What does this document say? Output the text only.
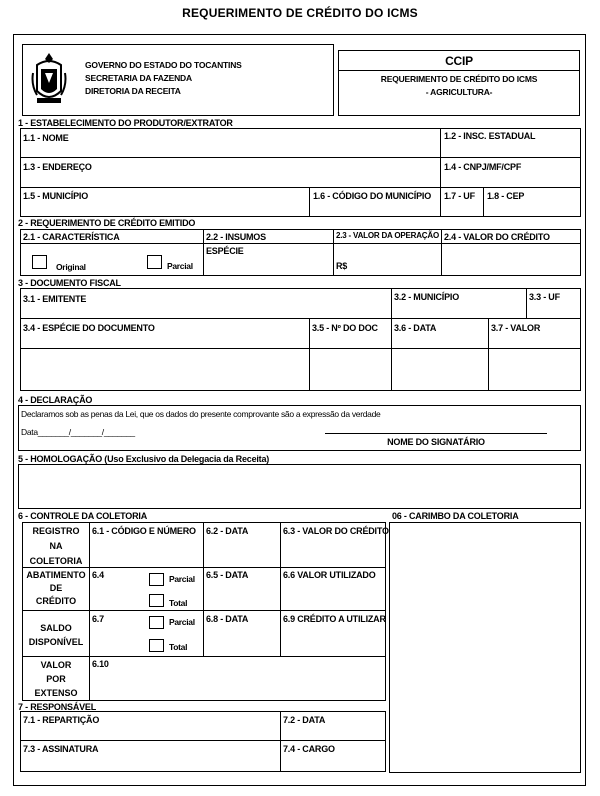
REQUERIMENTO DE CRÉDITO DO ICMS
GOVERNO DO ESTADO DO TOCANTINS
SECRETARIA DA FAZENDA
DIRETORIA DA RECEITA
CCIP
REQUERIMENTO DE CRÉDITO DO ICMS
- AGRICULTURA-
1 - ESTABELECIMENTO DO PRODUTOR/EXTRATOR
1.1 - NOME	1.2 - INSC. ESTADUAL
1.3 - ENDEREÇO	1.4 - CNPJ/MF/CPF
1.5 - MUNICÍPIO	1.6 - CÓDIGO DO MUNICÍPIO 1.7 - UF 1.8 - CEP
2 - REQUERIMENTO DE CRÉDITO EMITIDO
2.1 - CARACTERÍSTICA
Original	Parcial
2.2 - INSUMOS
ESPÉCIE
2.3 - VALOR DA OPERAÇÃO
R$
2.4 - VALOR DO CRÉDITO
3 - DOCUMENTO FISCAL
3.1 - EMITENTE	3.2 - MUNICÍPIO	3.3 - UF
3.4 - ESPÉCIE DO DOCUMENTO	3.5 - Nº DO DOC 3.6 - DATA	3.7 - VALOR
4 - DECLARAÇÃO
Declaramos sob as penas da Lei, que os dados do presente comprovante são a expressão da verdade
Data_______/_______/_______
NOME DO SIGNATÁRIO
5 - HOMOLOGAÇÃO (Uso Exclusivo da Delegacia da Receita)
6 - CONTROLE DA COLETORIA	06 - CARIMBO DA COLETORIA
REGISTRO
NA
COLETORIA
6.1 - CÓDIGO E NÚMERO 6.2 - DATA	6.3 - VALOR DO CRÉDITO
ABATIMENTO
DE
CRÉDITO
6.4	Parcial
Total
6.5 - DATA	6.6 VALOR UTILIZADO
SALDO
DISPONÍVEL
6.7	Parcial
Total
6.8 - DATA	6.9 CRÉDITO A UTILIZAR
VALOR
POR
EXTENSO
6.10
7 - RESPONSÁVEL
7.1 - REPARTIÇÃO	7.2 - DATA
7.3 - ASSINATURA	7.4 - CARGO
